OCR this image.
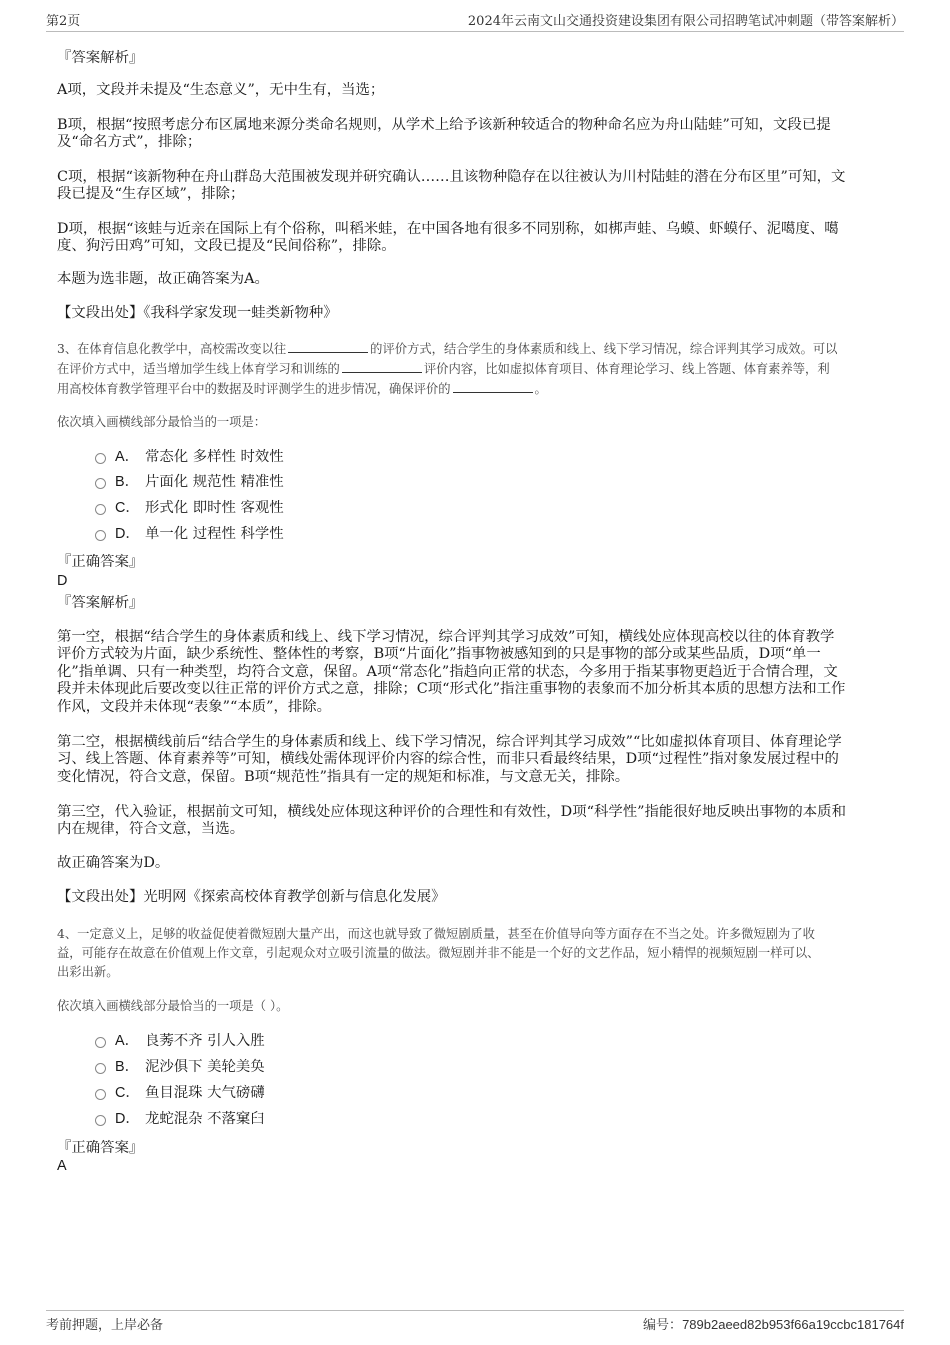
第2页	2024年云南文山交通投资建设集团有限公司招聘笔试冲刺题（带答案解析）
『答案解析』
A项，文段并未提及“生态意义”，无中生有，当选；
B项，根据“按照考虑分布区属地来源分类命名规则，从学术上给予该新种较适合的物种命名应为舟山陆蛙”可知，文段已提
及“命名方式”，排除；
C项，根据“该新物种在舟山群岛大范围被发现并研究确认……且该物种隐存在以往被认为川村陆蛙的潜在分布区里”可知，文
段已提及“生存区域”，排除；
D项，根据“该蛙与近亲在国际上有个俗称，叫稻米蛙，在中国各地有很多不同别称，如梆声蛙、乌蟆、虾蟆仔、泥噶度、噶
度、狗污田鸡”可知，文段已提及“民间俗称”，排除。
本题为选非题，故正确答案为A。
【文段出处】《我科学家发现一蛙类新物种》
3、在体育信息化教学中，高校需改变以往	的评价方式，结合学生的身体素质和线上、线下学习情况，综合评判其学习成效。可以
在评价方式中，适当增加学生线上体育学习和训练的	评价内容，比如虚拟体育项目、体育理论学习、线上答题、体育素养等，利
用高校体育教学管理平台中的数据及时评测学生的进步情况，确保评价的	。
依次填入画横线部分最恰当的一项是：
A． 常态化 多样性 时效性
B． 片面化 规范性 精准性
C． 形式化 即时性 客观性
D． 单一化 过程性 科学性
『正确答案』
D
『答案解析』
第一空，根据“结合学生的身体素质和线上、线下学习情况，综合评判其学习成效”可知，横线处应体现高校以往的体育教学
评价方式较为片面，缺少系统性、整体性的考察，B项“片面化”指事物被感知到的只是事物的部分或某些品质，D项“单一
化”指单调、只有一种类型，均符合文意，保留。A项“常态化”指趋向正常的状态，今多用于指某事物更趋近于合情合理，文
段并未体现此后要改变以往正常的评价方式之意，排除；C项“形式化”指注重事物的表象而不加分析其本质的思想方法和工作
作风，文段并未体现“表象”“本质”，排除。
第二空，根据横线前后“结合学生的身体素质和线上、线下学习情况，综合评判其学习成效”“比如虚拟体育项目、体育理论学
习、线上答题、体育素养等”可知，横线处需体现评价内容的综合性，而非只看最终结果，D项“过程性”指对象发展过程中的
变化情况，符合文意，保留。B项“规范性”指具有一定的规矩和标准，与文意无关，排除。
第三空，代入验证，根据前文可知，横线处应体现这种评价的合理性和有效性，D项“科学性”指能很好地反映出事物的本质和
内在规律，符合文意，当选。
故正确答案为D。
【文段出处】光明网《探索高校体育教学创新与信息化发展》
4、一定意义上，足够的收益促使着微短剧大量产出，而这也就导致了微短剧质量，甚至在价值导向等方面存在不当之处。许多微短剧为了收
益，可能存在故意在价值观上作文章，引起观众对立吸引流量的做法。微短剧并非不能是一个好的文艺作品，短小精悍的视频短剧一样可以、
出彩出新。
依次填入画横线部分最恰当的一项是（ ）。
A． 良莠不齐 引人入胜
B． 泥沙俱下 美轮美奂
C． 鱼目混珠 大气磅礴
D． 龙蛇混杂 不落窠臼
『正确答案』
A
考前押题，上岸必备	编号：789b2aeed82b953f66a19ccbc181764f
